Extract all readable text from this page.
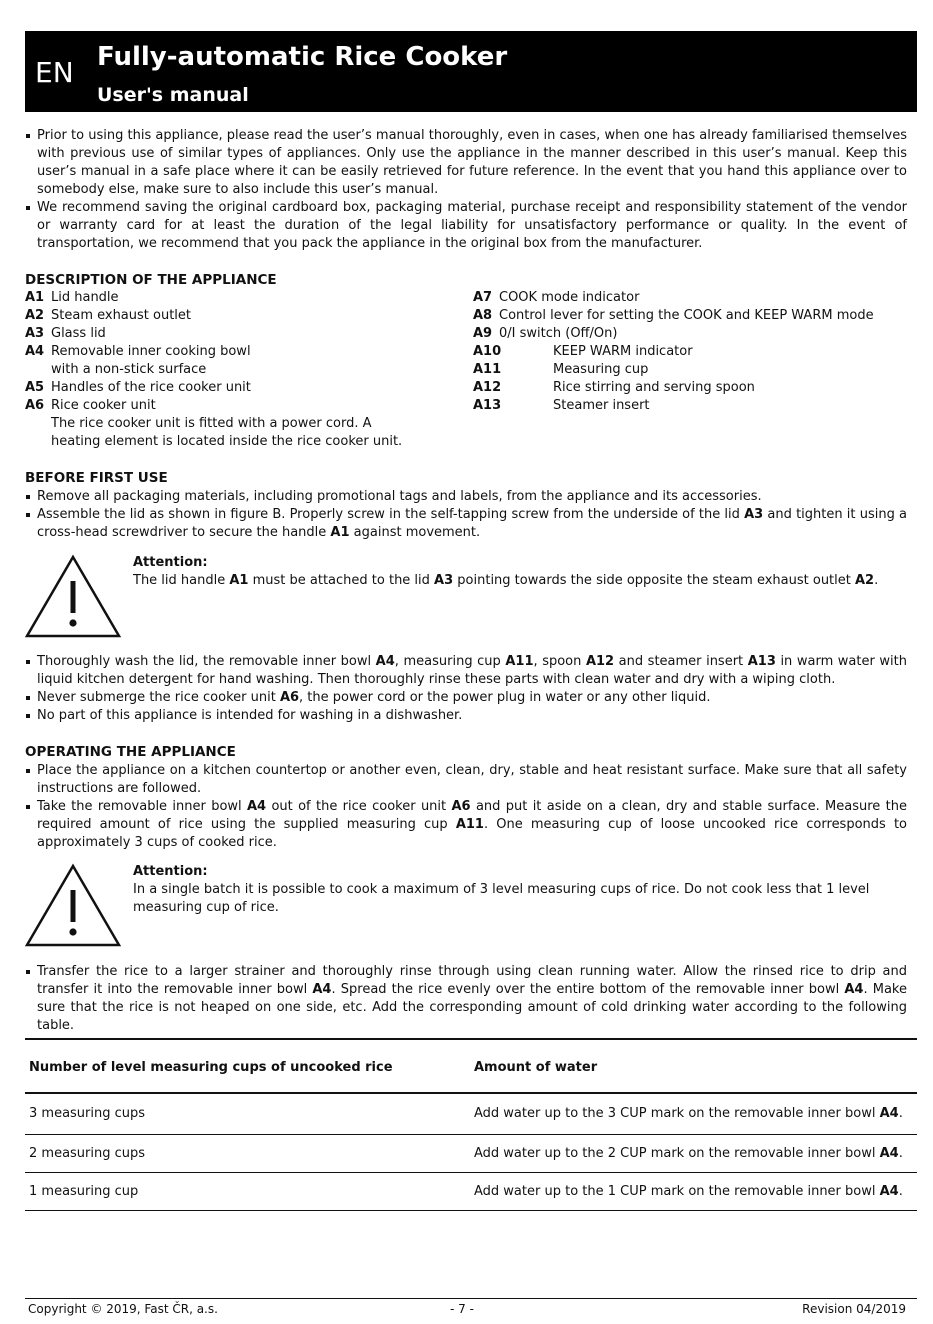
EN Fully-automatic Rice Cooker
User's manual
Prior to using this appliance, please read the user’s manual thoroughly, even in cases, when one has already familiarised themselves with previous use of similar types of appliances. Only use the appliance in the manner described in this user’s manual. Keep this user’s manual in a safe place where it can be easily retrieved for future reference. In the event that you hand this appliance over to somebody else, make sure to also include this user’s manual.
We recommend saving the original cardboard box, packaging material, purchase receipt and responsibility statement of the vendor or warranty card for at least the duration of the legal liability for unsatisfactory performance or quality. In the event of transportation, we recommend that you pack the appliance in the original box from the manufacturer.
DESCRIPTION OF THE APPLIANCE
A1 Lid handle
A2 Steam exhaust outlet
A3 Glass lid
A4 Removable inner cooking bowl
with a non-stick surface
A5 Handles of the rice cooker unit
A6 Rice cooker unit
The rice cooker unit is fitted with a power cord. A heating element is located inside the rice cooker unit.
A7 COOK mode indicator
A8 Control lever for setting the COOK and KEEP WARM mode
A9 0/I switch (Off/On)
A10	KEEP WARM indicator
A11	Measuring cup
A12	Rice stirring and serving spoon
A13	Steamer insert
BEFORE FIRST USE
Remove all packaging materials, including promotional tags and labels, from the appliance and its accessories.
Assemble the lid as shown in figure B. Properly screw in the self-tapping screw from the underside of the lid A3 and tighten it using a cross-head screwdriver to secure the handle A1 against movement.
Attention:
The lid handle A1 must be attached to the lid A3 pointing towards the side opposite the steam exhaust outlet A2.
Thoroughly wash the lid, the removable inner bowl A4, measuring cup A11, spoon A12 and steamer insert A13 in warm water with liquid kitchen detergent for hand washing. Then thoroughly rinse these parts with clean water and dry with a wiping cloth.
Never submerge the rice cooker unit A6, the power cord or the power plug in water or any other liquid.
No part of this appliance is intended for washing in a dishwasher.
OPERATING THE APPLIANCE
Place the appliance on a kitchen countertop or another even, clean, dry, stable and heat resistant surface. Make sure that all safety instructions are followed.
Take the removable inner bowl A4 out of the rice cooker unit A6 and put it aside on a clean, dry and stable surface. Measure the required amount of rice using the supplied measuring cup A11. One measuring cup of loose uncooked rice corresponds to approximately 3 cups of cooked rice.
Attention:
In a single batch it is possible to cook a maximum of 3 level measuring cups of rice. Do not cook less that 1 level measuring cup of rice.
Transfer the rice to a larger strainer and thoroughly rinse through using clean running water. Allow the rinsed rice to drip and transfer it into the removable inner bowl A4. Spread the rice evenly over the entire bottom of the removable inner bowl A4. Make sure that the rice is not heaped on one side, etc. Add the corresponding amount of cold drinking water according to the following table.
Number of level measuring cups of uncooked rice	Amount of water
3 measuring cups	Add water up to the 3 CUP mark on the removable inner bowl A4.
2 measuring cups	Add water up to the 2 CUP mark on the removable inner bowl A4.
1 measuring cup	Add water up to the 1 CUP mark on the removable inner bowl A4.
Copyright © 2019, Fast ČR, a.s.	- 7 -	Revision 04/2019
